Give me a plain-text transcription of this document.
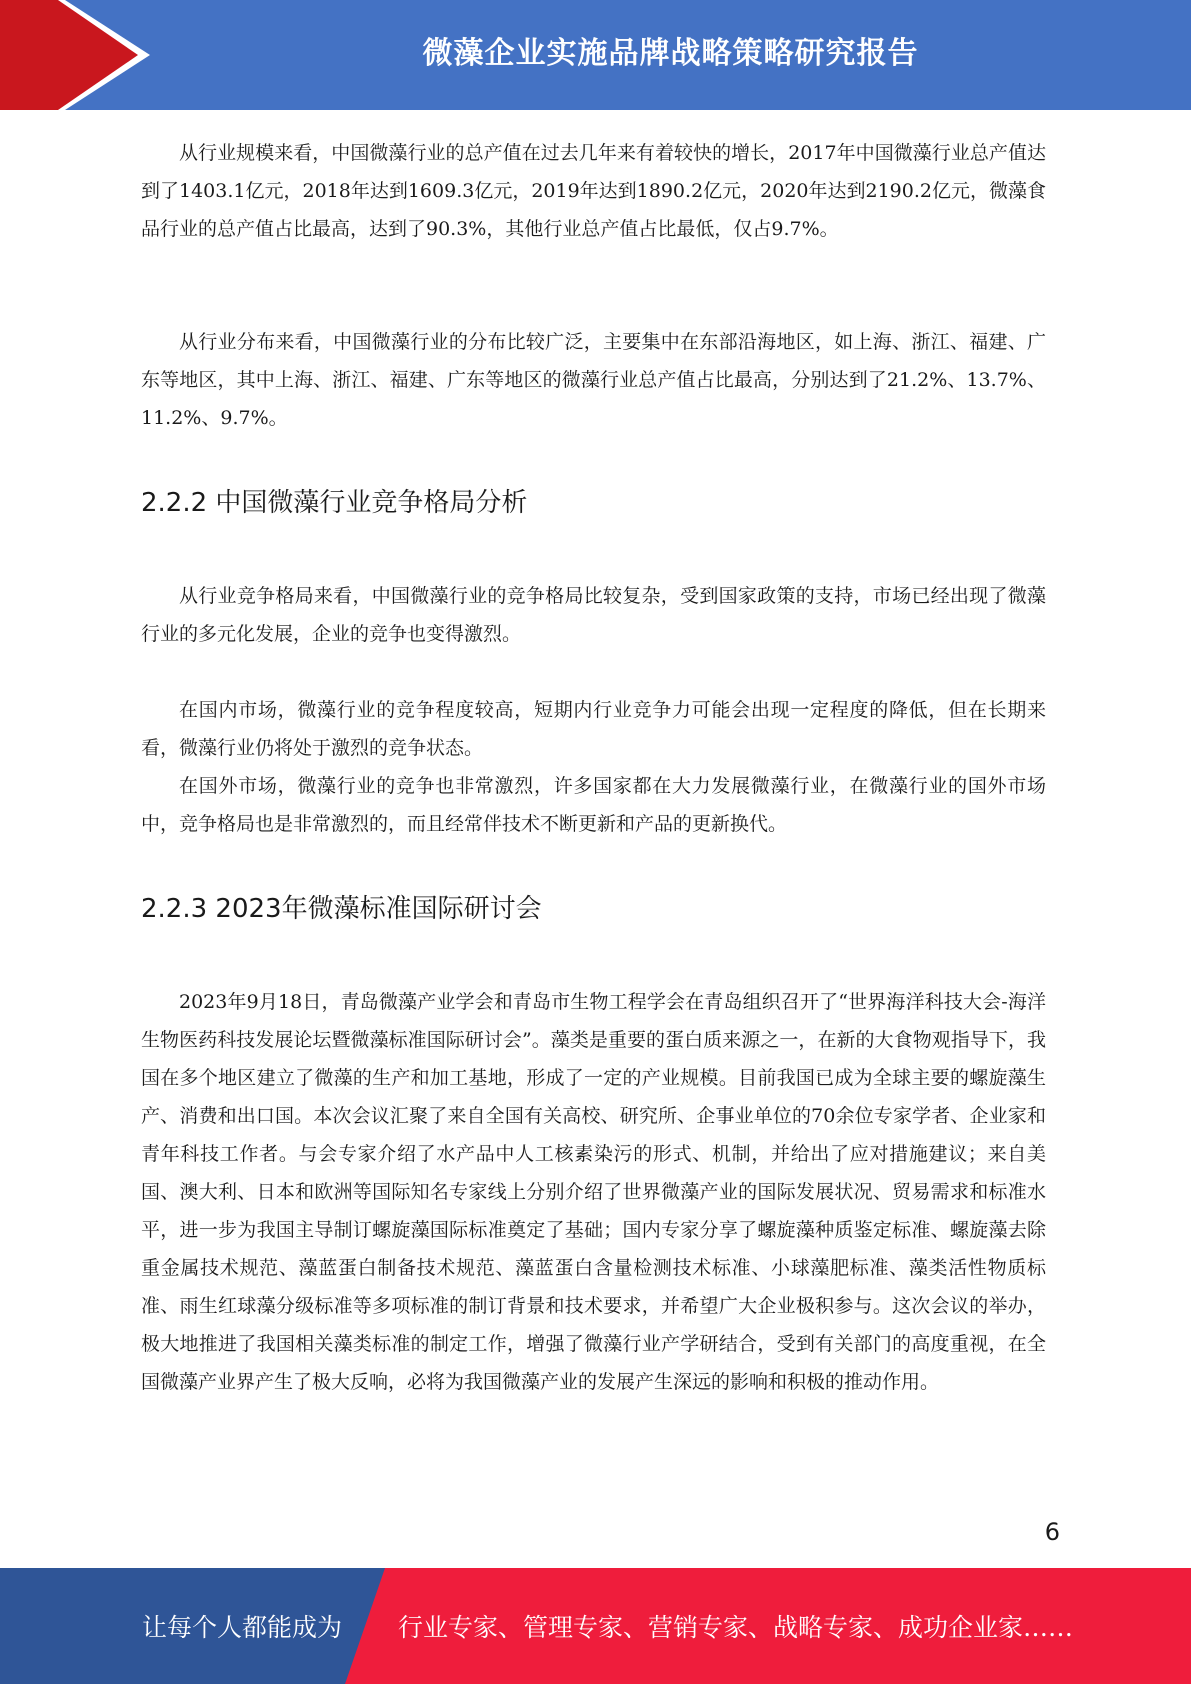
微藻企业实施品牌战略策略研究报告

从行业规模来看，中国微藻行业的总产值在过去几年来有着较快的增长，2017年中国微藻行业总产值达到了1403.1亿元，2018年达到1609.3亿元，2019年达到1890.2亿元，2020年达到2190.2亿元，微藻食品行业的总产值占比最高，达到了90.3%，其他行业总产值占比最低，仅占9.7%。

从行业分布来看，中国微藻行业的分布比较广泛，主要集中在东部沿海地区，如上海、浙江、福建、广东等地区，其中上海、浙江、福建、广东等地区的微藻行业总产值占比最高，分别达到了21.2%、13.7%、11.2%、9.7%。

2.2.2 中国微藻行业竞争格局分析

从行业竞争格局来看，中国微藻行业的竞争格局比较复杂，受到国家政策的支持，市场已经出现了微藻行业的多元化发展，企业的竞争也变得激烈。

在国内市场，微藻行业的竞争程度较高，短期内行业竞争力可能会出现一定程度的降低，但在长期来看，微藻行业仍将处于激烈的竞争状态。

在国外市场，微藻行业的竞争也非常激烈，许多国家都在大力发展微藻行业，在微藻行业的国外市场中，竞争格局也是非常激烈的，而且经常伴技术不断更新和产品的更新换代。

2.2.3 2023年微藻标准国际研讨会

2023年9月18日，青岛微藻产业学会和青岛市生物工程学会在青岛组织召开了“世界海洋科技大会-海洋生物医药科技发展论坛暨微藻标准国际研讨会”。藻类是重要的蛋白质来源之一，在新的大食物观指导下，我国在多个地区建立了微藻的生产和加工基地，形成了一定的产业规模。目前我国已成为全球主要的螺旋藻生产、消费和出口国。本次会议汇聚了来自全国有关高校、研究所、企事业单位的70余位专家学者、企业家和青年科技工作者。与会专家介绍了水产品中人工核素染污的形式、机制，并给出了应对措施建议；来自美国、澳大利、日本和欧洲等国际知名专家线上分别介绍了世界微藻产业的国际发展状况、贸易需求和标准水平，进一步为我国主导制订螺旋藻国际标准奠定了基础；国内专家分享了螺旋藻种质鉴定标准、螺旋藻去除重金属技术规范、藻蓝蛋白制备技术规范、藻蓝蛋白含量检测技术标准、小球藻肥标准、藻类活性物质标准、雨生红球藻分级标准等多项标准的制订背景和技术要求，并希望广大企业极积参与。这次会议的举办，极大地推进了我国相关藻类标准的制定工作，增强了微藻行业产学研结合，受到有关部门的高度重视，在全国微藻产业界产生了极大反响，必将为我国微藻产业的发展产生深远的影响和积极的推动作用。

6
让每个人都能成为 行业专家、管理专家、营销专家、战略专家、成功企业家……
